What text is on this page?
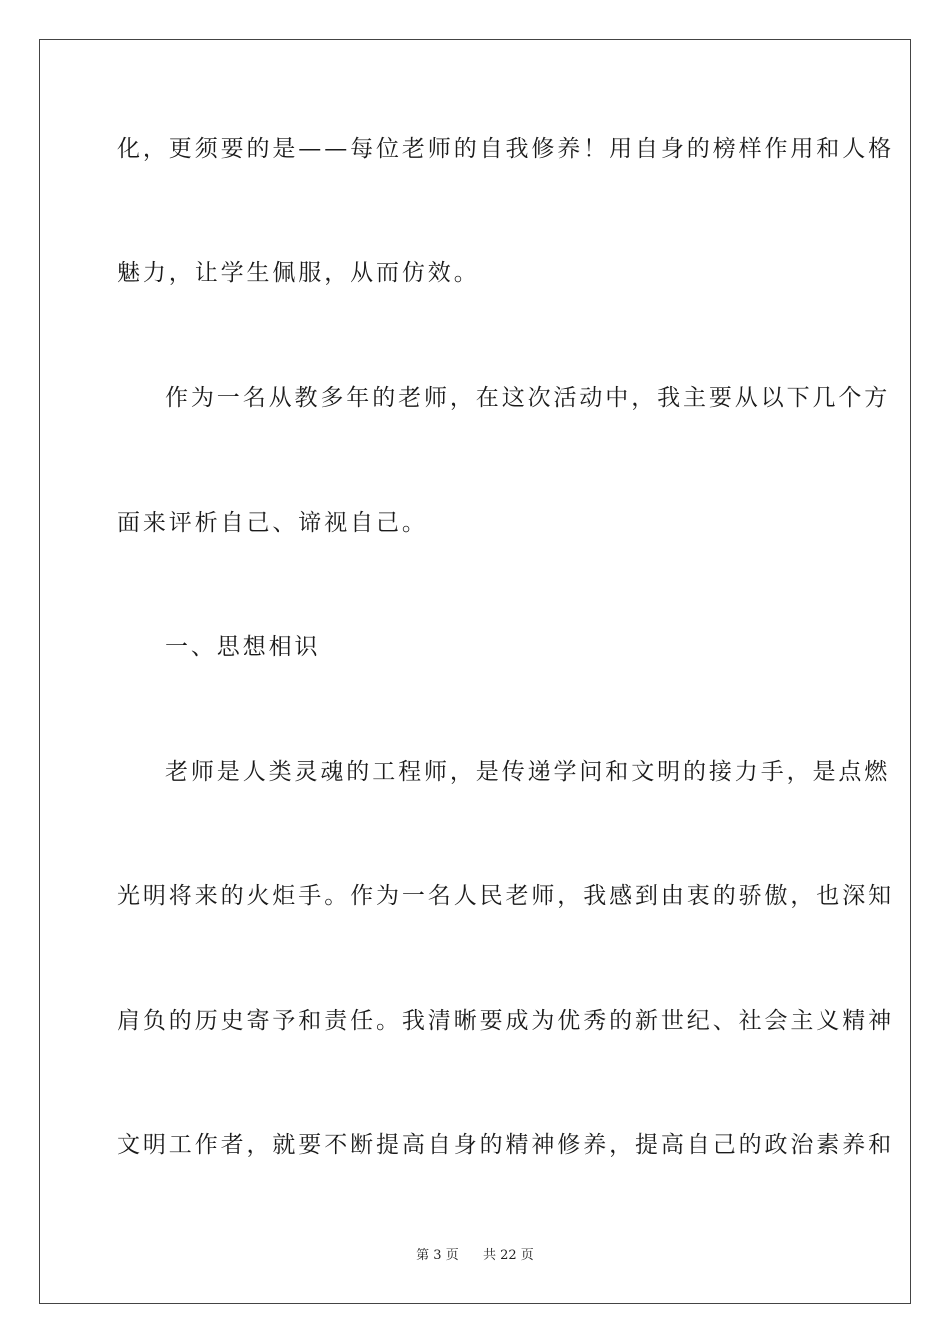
化，更须要的是——每位老师的自我修养！用自身的榜样作用和人格
魅力，让学生佩服，从而仿效。
作为一名从教多年的老师，在这次活动中，我主要从以下几个方
面来评析自己、谛视自己。
一、思想相识
老师是人类灵魂的工程师，是传递学问和文明的接力手，是点燃
光明将来的火炬手。作为一名人民老师，我感到由衷的骄傲，也深知
肩负的历史寄予和责任。我清晰要成为优秀的新世纪、社会主义精神
文明工作者，就要不断提高自身的精神修养，提高自己的政治素养和
第 3 页 共 22 页
